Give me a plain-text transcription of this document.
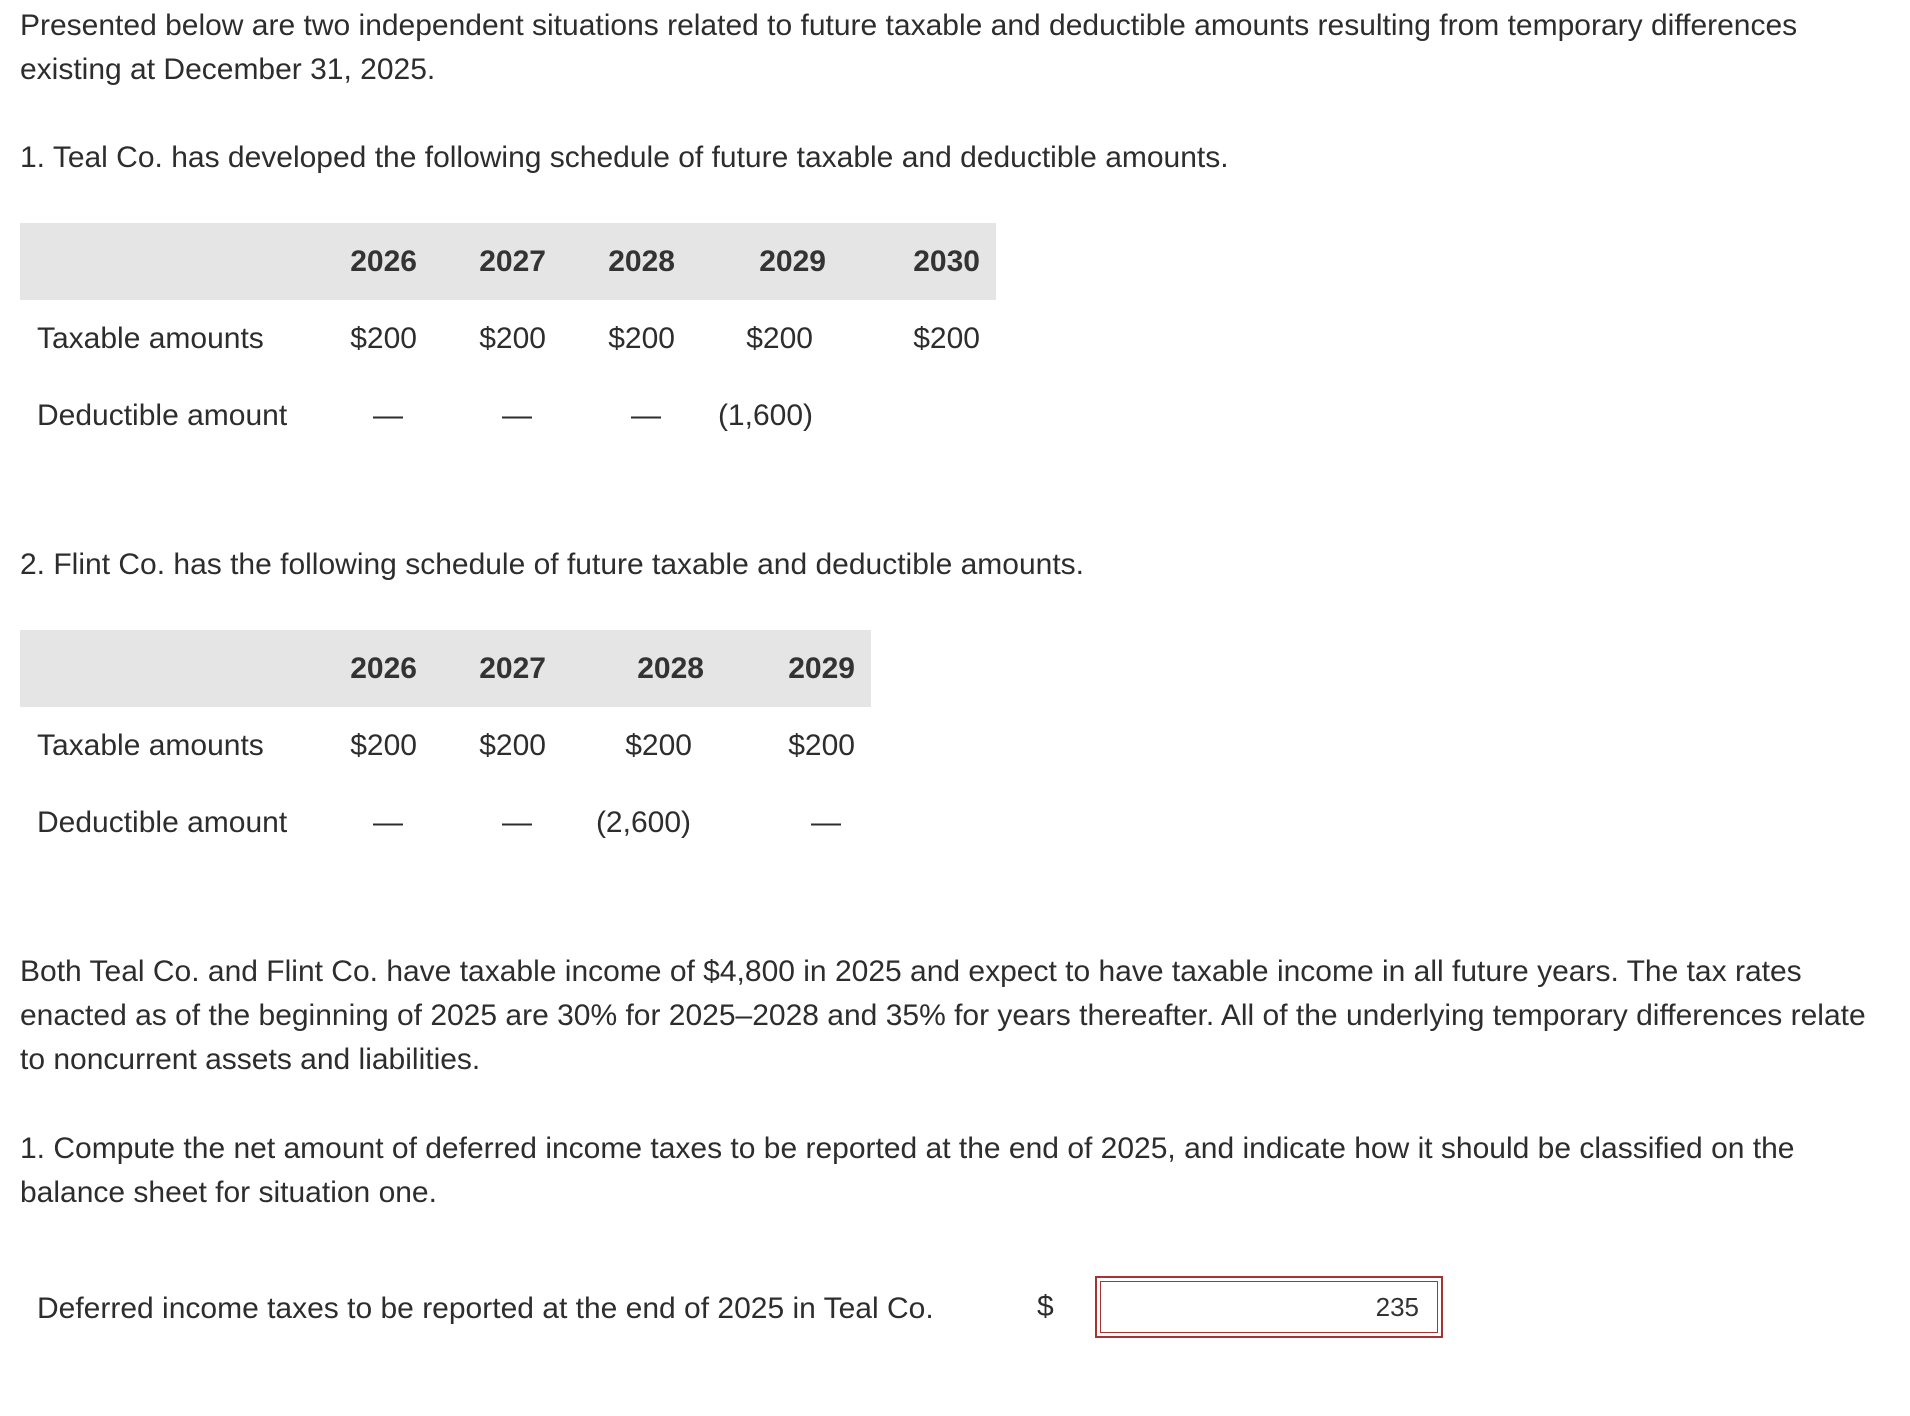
Presented below are two independent situations related to future taxable and deductible amounts resulting from temporary differences existing at December 31, 2025.

1. Teal Co. has developed the following schedule of future taxable and deductible amounts.

	2026	2027	2028	2029	2030
Taxable amounts	$200	$200	$200	$200	$200
Deductible amount	—	—	—	(1,600)	

2. Flint Co. has the following schedule of future taxable and deductible amounts.

	2026	2027	2028	2029
Taxable amounts	$200	$200	$200	$200
Deductible amount	—	—	(2,600)	—

Both Teal Co. and Flint Co. have taxable income of $4,800 in 2025 and expect to have taxable income in all future years. The tax rates enacted as of the beginning of 2025 are 30% for 2025–2028 and 35% for years thereafter. All of the underlying temporary differences relate to noncurrent assets and liabilities.

1. Compute the net amount of deferred income taxes to be reported at the end of 2025, and indicate how it should be classified on the balance sheet for situation one.

Deferred income taxes to be reported at the end of 2025 in Teal Co.	$
235
